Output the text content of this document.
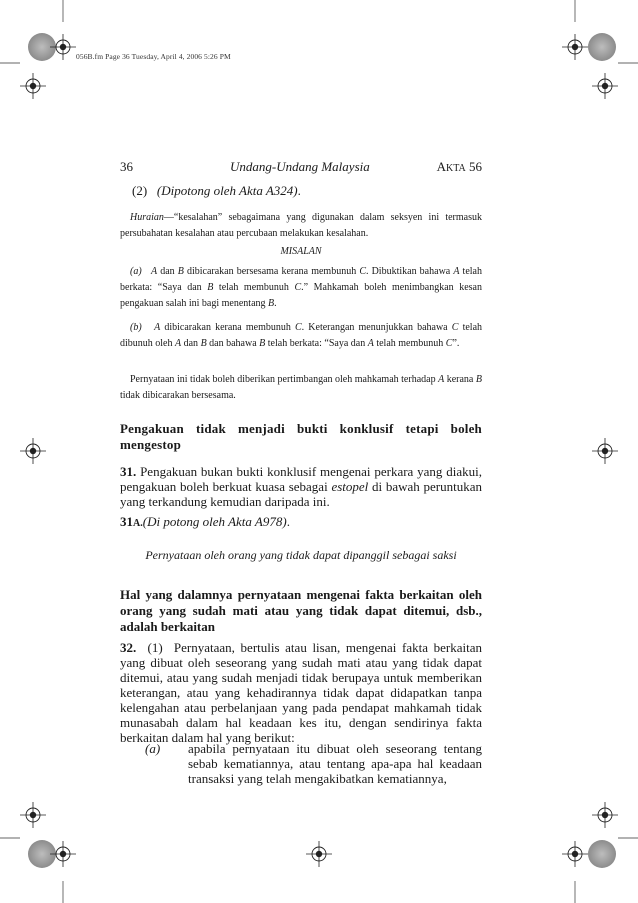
056B.fm Page 36 Tuesday, April 4, 2006 5:26 PM
36	Undang-Undang Malaysia	AKTA 56
(2) (Dipotong oleh Akta A324).
Huraian—“kesalahan” sebagaimana yang digunakan dalam seksyen ini termasuk persubahatan kesalahan atau percubaan melakukan kesalahan.
MISALAN
(a) A dan B dibicarakan bersesama kerana membunuh C. Dibuktikan bahawa A telah berkata: “Saya dan B telah membunuh C.” Mahkamah boleh menimbangkan kesan pengakuan salah ini bagi menentang B.
(b) A dibicarakan kerana membunuh C. Keterangan menunjukkan bahawa C telah dibunuh oleh A dan B dan bahawa B telah berkata: “Saya dan A telah membunuh C”.
Pernyataan ini tidak boleh diberikan pertimbangan oleh mahkamah terhadap A kerana B tidak dibicarakan bersesama.
Pengakuan tidak menjadi bukti konklusif tetapi boleh mengestop
31. Pengakuan bukan bukti konklusif mengenai perkara yang diakui, pengakuan boleh berkuat kuasa sebagai estopel di bawah peruntukan yang terkandung kemudian daripada ini.
31A.(Di potong oleh Akta A978).
Pernyataan oleh orang yang tidak dapat dipanggil sebagai saksi
Hal yang dalamnya pernyataan mengenai fakta berkaitan oleh orang yang sudah mati atau yang tidak dapat ditemui, dsb., adalah berkaitan
32. (1) Pernyataan, bertulis atau lisan, mengenai fakta berkaitan yang dibuat oleh seseorang yang sudah mati atau yang tidak dapat ditemui, atau yang sudah menjadi tidak berupaya untuk memberikan keterangan, atau yang kehadirannya tidak dapat didapatkan tanpa kelengahan atau perbelanjaan yang pada pendapat mahkamah tidak munasabah dalam hal keadaan kes itu, dengan sendirinya fakta berkaitan dalam hal yang berikut:
(a)	apabila pernyataan itu dibuat oleh seseorang tentang sebab kematiannya, atau tentang apa-apa hal keadaan transaksi yang telah mengakibatkan kematiannya,
